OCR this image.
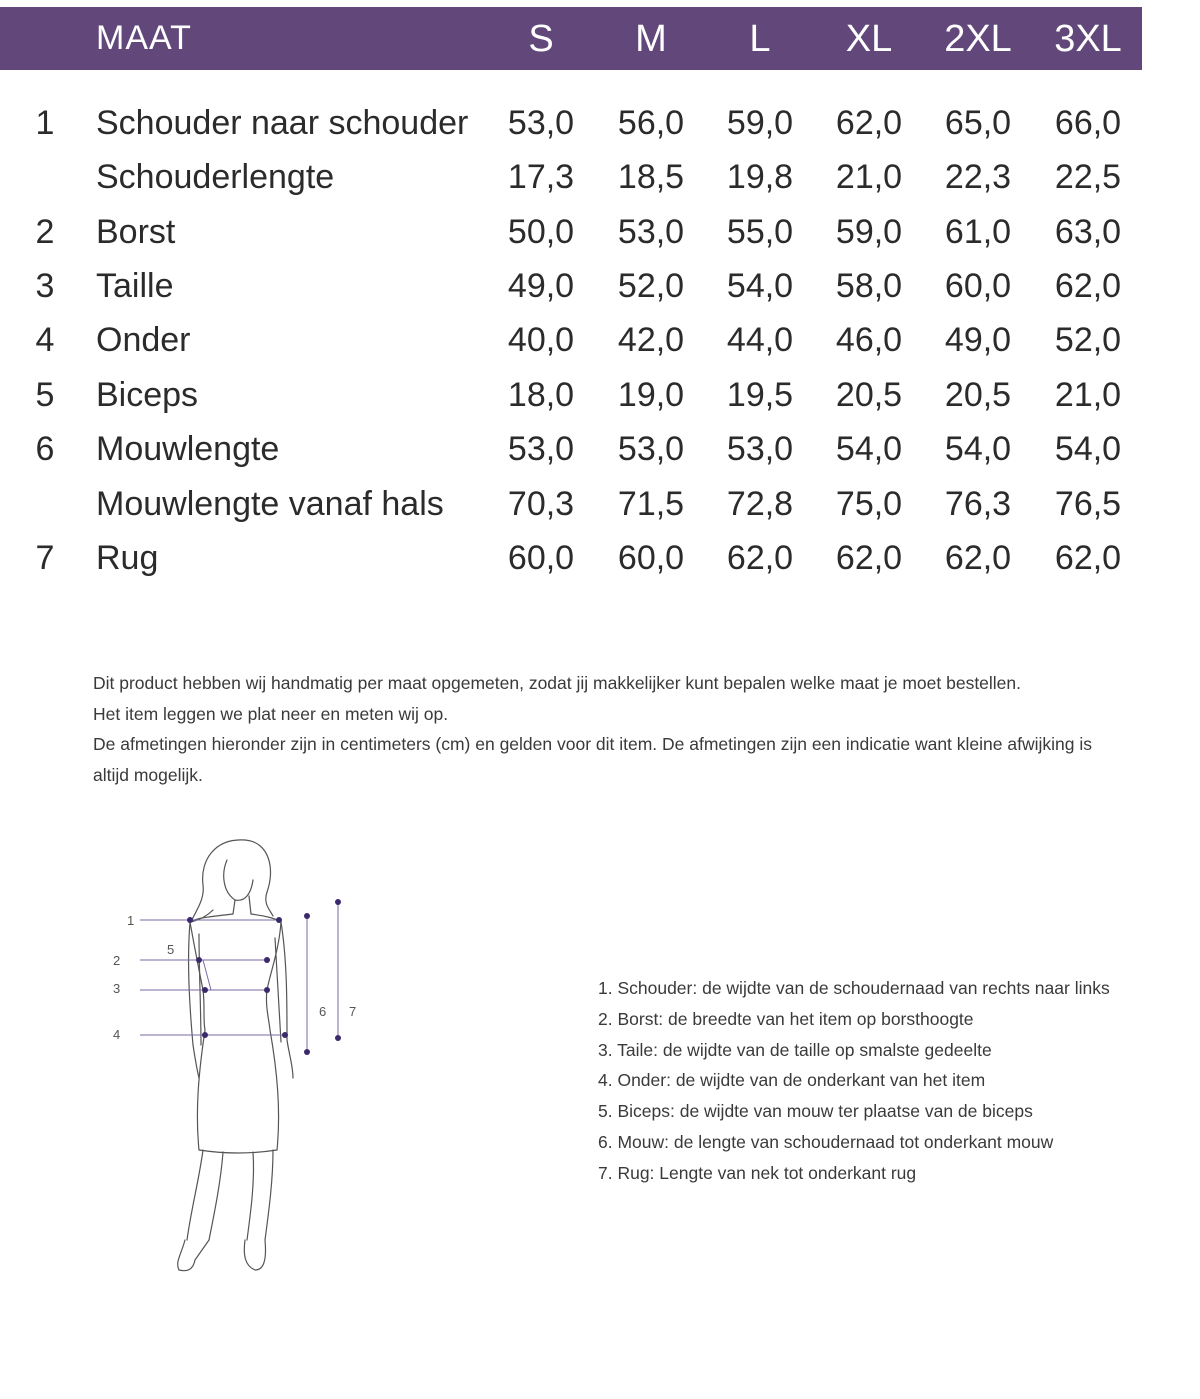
MAAT	S	M	L	XL	2XL	3XL
1 Schouder naar schouder	53,0	56,0	59,0	62,0	65,0	66,0
Schouderlengte	17,3	18,5	19,8	21,0	22,3	22,5
2 Borst	50,0	53,0	55,0	59,0	61,0	63,0
3 Taille	49,0	52,0	54,0	58,0	60,0	62,0
4 Onder	40,0	42,0	44,0	46,0	49,0	52,0
5 Biceps	18,0	19,0	19,5	20,5	20,5	21,0
6 Mouwlengte	53,0	53,0	53,0	54,0	54,0	54,0
Mouwlengte vanaf hals	70,3	71,5	72,8	75,0	76,3	76,5
7 Rug	60,0	60,0	62,0	62,0	62,0	62,0

Dit product hebben wij handmatig per maat opgemeten, zodat jij makkelijker kunt bepalen welke maat je moet bestellen.

Het item leggen we plat neer en meten wij op.

De afmetingen hieronder zijn in centimeters (cm) en gelden voor dit item. De afmetingen zijn een indicatie want kleine afwijking is altijd mogelijk.

1
2
3
4
5
6 7
1. Schouder: de wijdte van de schoudernaad van rechts naar links
2. Borst: de breedte van het item op borsthoogte
3. Taile: de wijdte van de taille op smalste gedeelte
4. Onder: de wijdte van de onderkant van het item
5. Biceps: de wijdte van mouw ter plaatse van de biceps
6. Mouw: de lengte van schoudernaad tot onderkant mouw
7. Rug: Lengte van nek tot onderkant rug
